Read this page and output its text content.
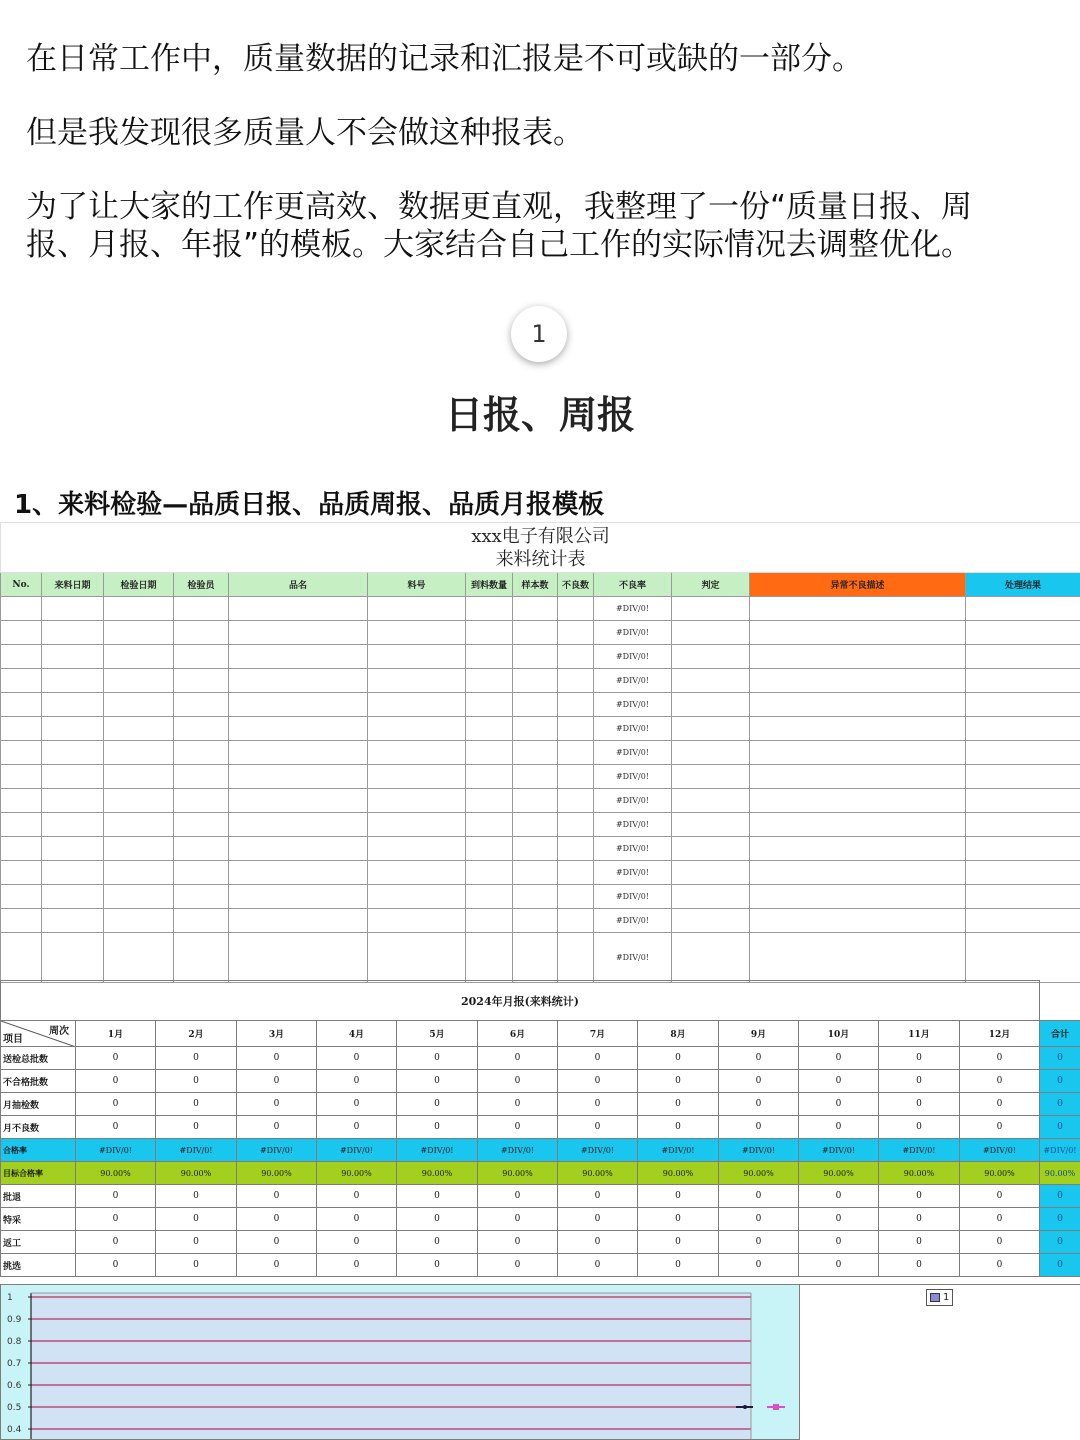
在日常工作中，质量数据的记录和汇报是不可或缺的一部分。

但是我发现很多质量人不会做这种报表。

为了让大家的工作更高效、数据更直观，我整理了一份“质量日报、周
报、月报、年报”的模板。大家结合自己工作的实际情况去调整优化。

1
日报、周报
1、来料检验—品质日报、品质周报、品质月报模板
xxx电子有限公司
来料统计表												

No.	来料日期	检验日期	检验员	品名	料号	到料数量	样本数	不良数	不良率	判定	异常不良描述	处理结果
									#DIV/0!			
									#DIV/0!			
									#DIV/0!			
									#DIV/0!			
									#DIV/0!			
									#DIV/0!			
									#DIV/0!			
									#DIV/0!			
									#DIV/0!			
									#DIV/0!			
									#DIV/0!			
									#DIV/0!			
									#DIV/0!			
									#DIV/0!			
									#DIV/0!			
2024年月报(来料统计)													

周次
项目	1月	2月	3月	4月	5月	6月	7月	8月	9月	10月	11月	12月	合计
送检总批数	0	0	0	0	0	0	0	0	0	0	0	0	0
不合格批数	0	0	0	0	0	0	0	0	0	0	0	0	0
月抽检数	0	0	0	0	0	0	0	0	0	0	0	0	0
月不良数	0	0	0	0	0	0	0	0	0	0	0	0	0
合格率	#DIV/0!	#DIV/0!	#DIV/0!	#DIV/0!	#DIV/0!	#DIV/0!	#DIV/0!	#DIV/0!	#DIV/0!	#DIV/0!	#DIV/0!	#DIV/0!	#DIV/0!
目标合格率	90.00%	90.00%	90.00%	90.00%	90.00%	90.00%	90.00%	90.00%	90.00%	90.00%	90.00%	90.00%	90.00%
批退	0	0	0	0	0	0	0	0	0	0	0	0	0
特采	0	0	0	0	0	0	0	0	0	0	0	0	0
返工	0	0	0	0	0	0	0	0	0	0	0	0	0
挑选	0	0	0	0	0	0	0	0	0	0	0	0	0
1
0.9
0.8
0.7
0.6
0.5
0.4
1
